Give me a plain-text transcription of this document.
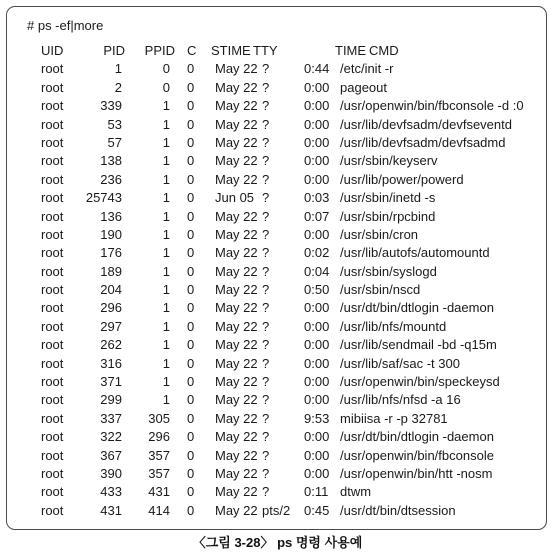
# ps -ef|more
UID	PID PPID C STIME TTY	TIME CMD
root	1	0 0 May 22 ?	0:44 /etc/init -r
root	2	0 0 May 22 ?	0:00 pageout
root	339	1 0 May 22 ?	0:00 /usr/openwin/bin/fbconsole -d :0
root	53	1 0 May 22 ?	0:00 /usr/lib/devfsadm/devfseventd
root	57	1 0 May 22 ?	0:00 /usr/lib/devfsadm/devfsadmd
root	138	1 0 May 22 ?	0:00 /usr/sbin/keyserv
root	236	1 0 May 22 ?	0:00 /usr/lib/power/powerd
root 25743	1 0 Jun 05 ?	0:03 /usr/sbin/inetd -s
root	136	1 0 May 22 ?	0:07 /usr/sbin/rpcbind
root	190	1 0 May 22 ?	0:00 /usr/sbin/cron
root	176	1 0 May 22 ?	0:02 /usr/lib/autofs/automountd
root	189	1 0 May 22 ?	0:04 /usr/sbin/syslogd
root	204	1 0 May 22 ?	0:50 /usr/sbin/nscd
root	296	1 0 May 22 ?	0:00 /usr/dt/bin/dtlogin -daemon
root	297	1 0 May 22 ?	0:00 /usr/lib/nfs/mountd
root	262	1 0 May 22 ?	0:00 /usr/lib/sendmail -bd -q15m
root	316	1 0 May 22 ?	0:00 /usr/lib/saf/sac -t 300
root	371	1 0 May 22 ?	0:00 /usr/openwin/bin/speckeysd
root	299	1 0 May 22 ?	0:00 /usr/lib/nfs/nfsd -a 16
root	337 305 0 May 22 ?	9:53 mibiisa -r -p 32781
root	322 296 0 May 22 ?	0:00 /usr/dt/bin/dtlogin -daemon
root	367 357 0 May 22 ?	0:00 /usr/openwin/bin/fbconsole
root	390 357 0 May 22 ?	0:00 /usr/openwin/bin/htt -nosm
root	433 431 0 May 22 ?	0:11 dtwm
root	431 414 0 May 22 pts/2 0:45 /usr/dt/bin/dtsession
〈그림 3-28〉 ps 명령 사용예
